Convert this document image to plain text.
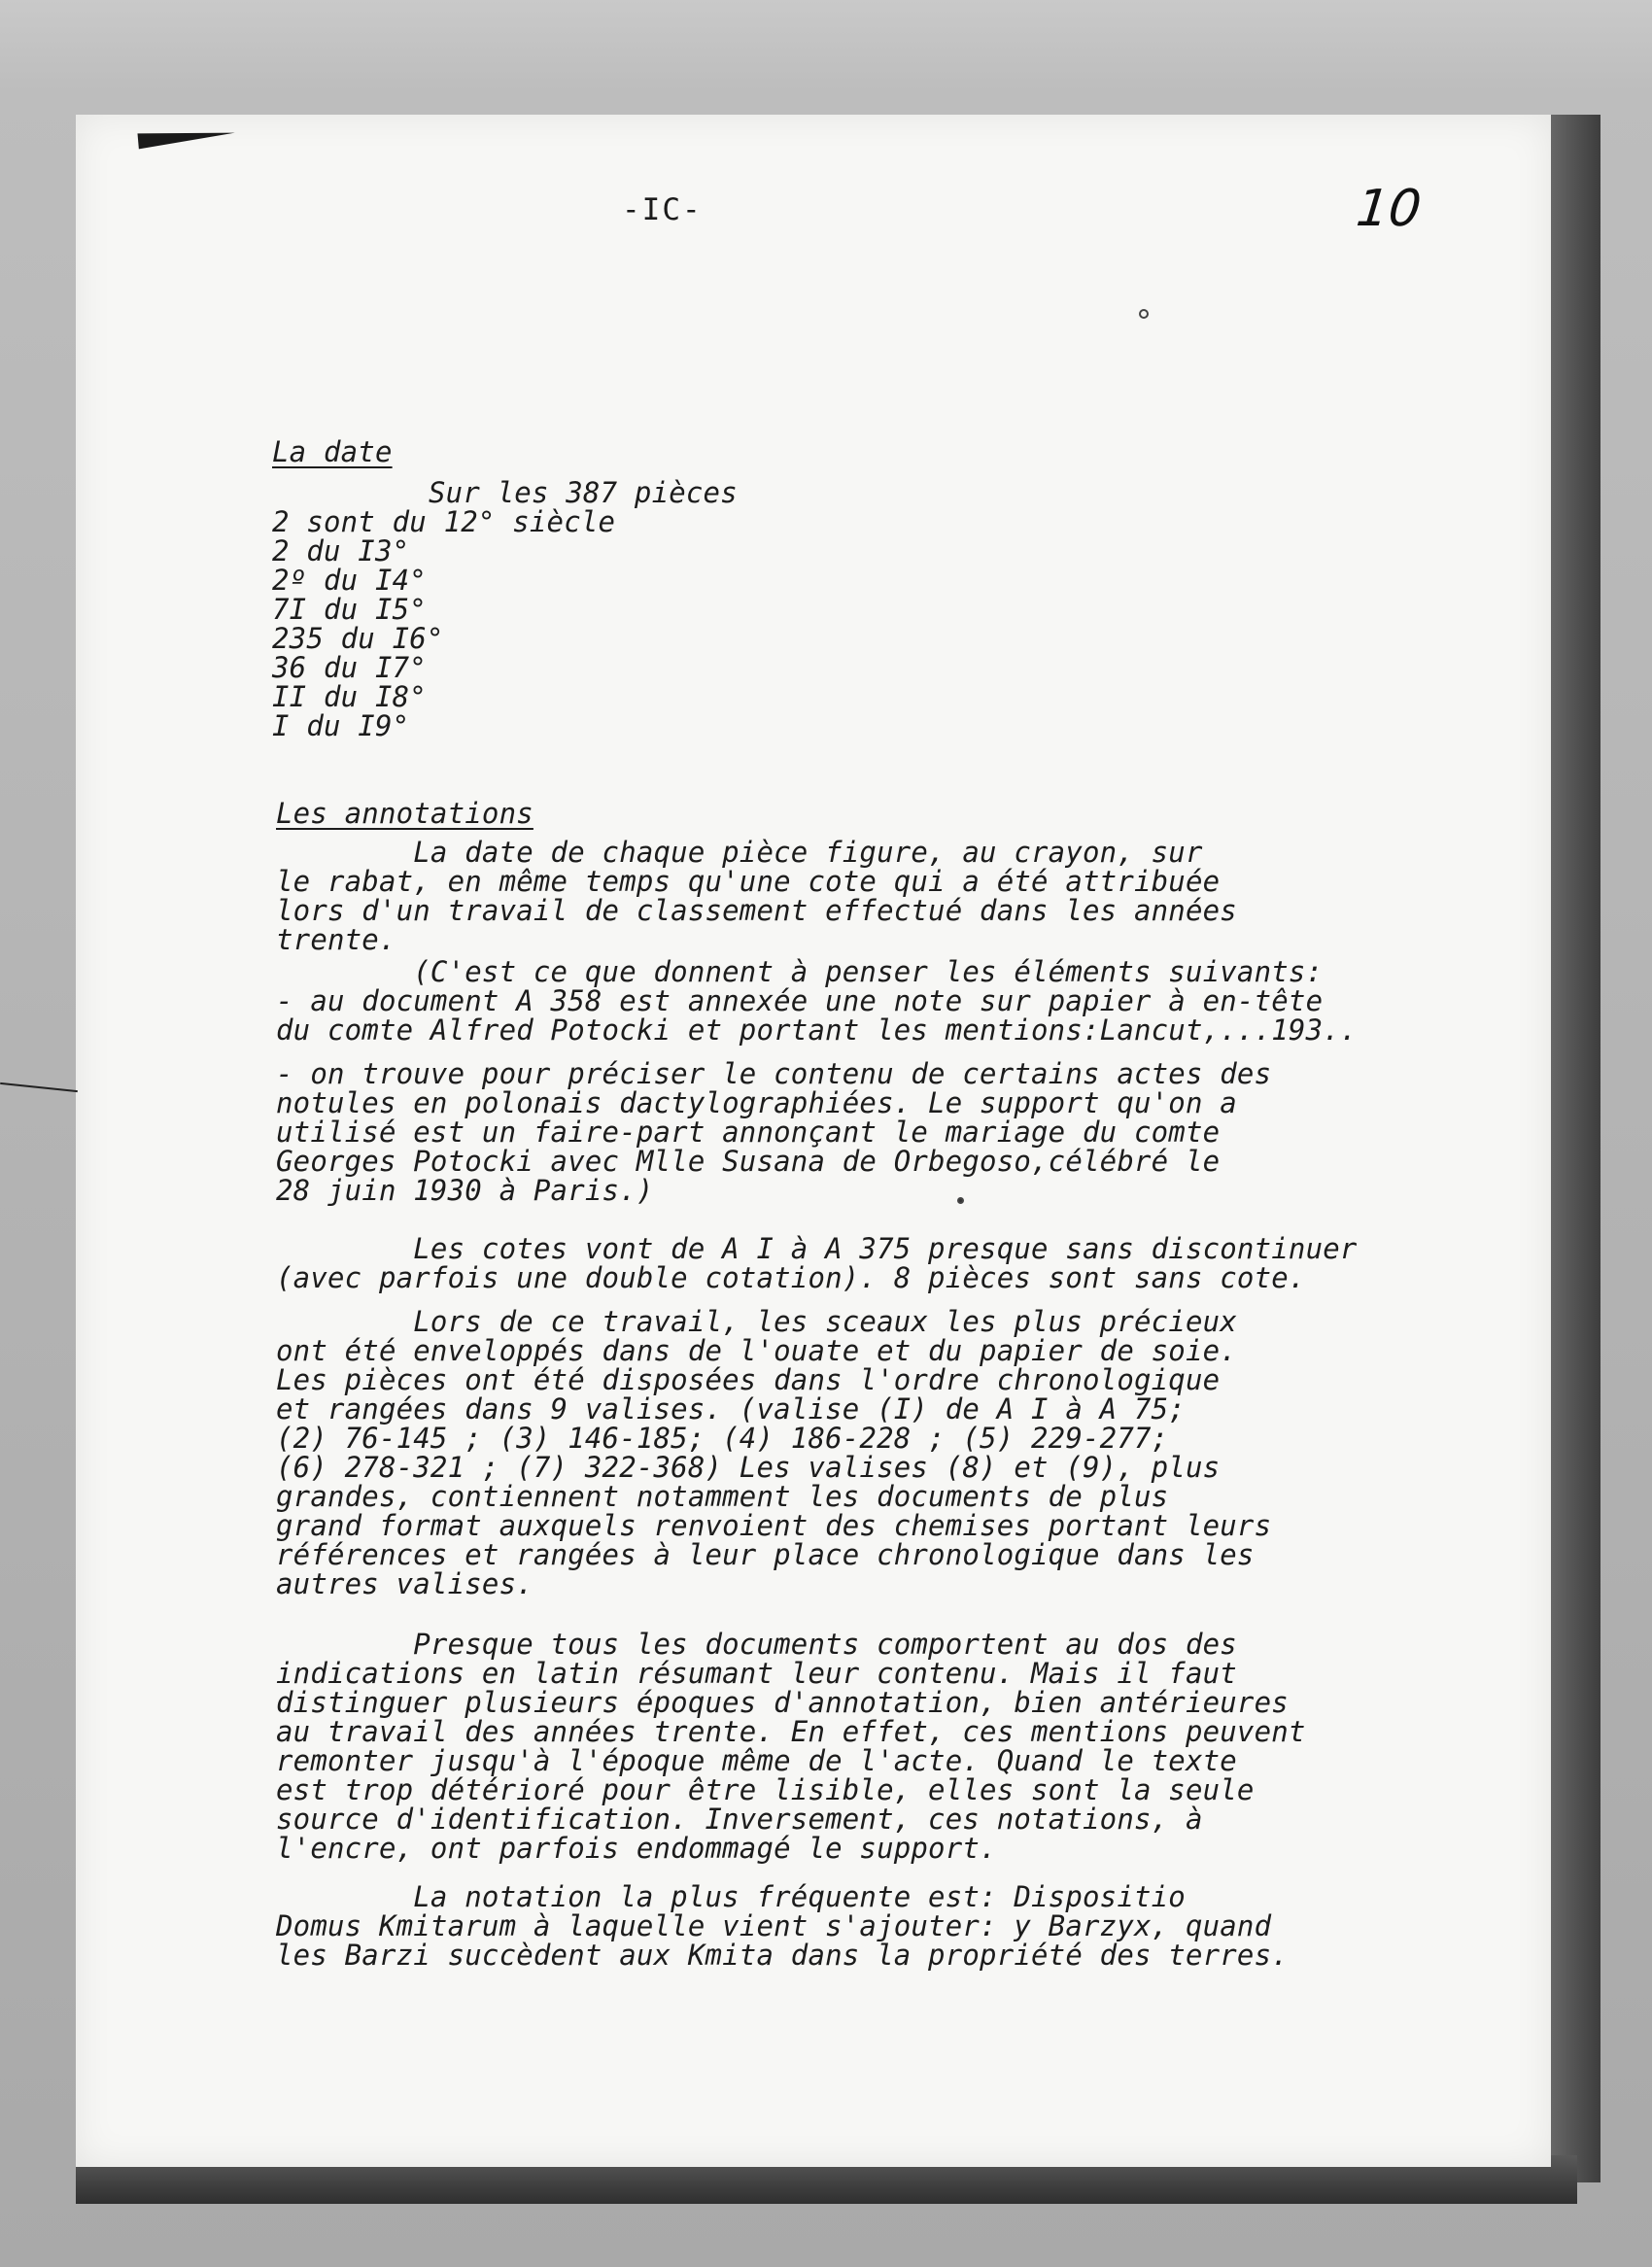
-IC-	10
La date
Sur les 387 pièces
2 sont du 12° siècle
2 du I3°
2º du I4°
7I du I5°
235 du I6°
36 du I7°
II du I8°
I du I9°
Les annotations
La date de chaque pièce figure, au crayon, sur
le rabat, en même temps qu'une cote qui a été attribuée
lors d'un travail de classement effectué dans les années
trente.
(C'est ce que donnent à penser les éléments suivants:
- au document A 358 est annexée une note sur papier à en-tête
du comte Alfred Potocki et portant les mentions:Lancut,...193..
- on trouve pour préciser le contenu de certains actes des
notules en polonais dactylographiées. Le support qu'on a
utilisé est un faire-part annonçant le mariage du comte
Georges Potocki avec Mlle Susana de Orbegoso,célébré le
28 juin 1930 à Paris.)
Les cotes vont de A I à A 375 presque sans discontinuer
(avec parfois une double cotation). 8 pièces sont sans cote.
Lors de ce travail, les sceaux les plus précieux
ont été enveloppés dans de l'ouate et du papier de soie.
Les pièces ont été disposées dans l'ordre chronologique
et rangées dans 9 valises. (valise (I) de A I à A 75;
(2) 76-145 ; (3) 146-185; (4) 186-228 ; (5) 229-277;
(6) 278-321 ; (7) 322-368) Les valises (8) et (9), plus
grandes, contiennent notamment les documents de plus
grand format auxquels renvoient des chemises portant leurs
références et rangées à leur place chronologique dans les
autres valises.
Presque tous les documents comportent au dos des
indications en latin résumant leur contenu. Mais il faut
distinguer plusieurs époques d'annotation, bien antérieures
au travail des années trente. En effet, ces mentions peuvent
remonter jusqu'à l'époque même de l'acte. Quand le texte
est trop détérioré pour être lisible, elles sont la seule
source d'identification. Inversement, ces notations, à
l'encre, ont parfois endommagé le support.
La notation la plus fréquente est: Dispositio
Domus Kmitarum à laquelle vient s'ajouter: y Barzyx, quand
les Barzi succèdent aux Kmita dans la propriété des terres.
